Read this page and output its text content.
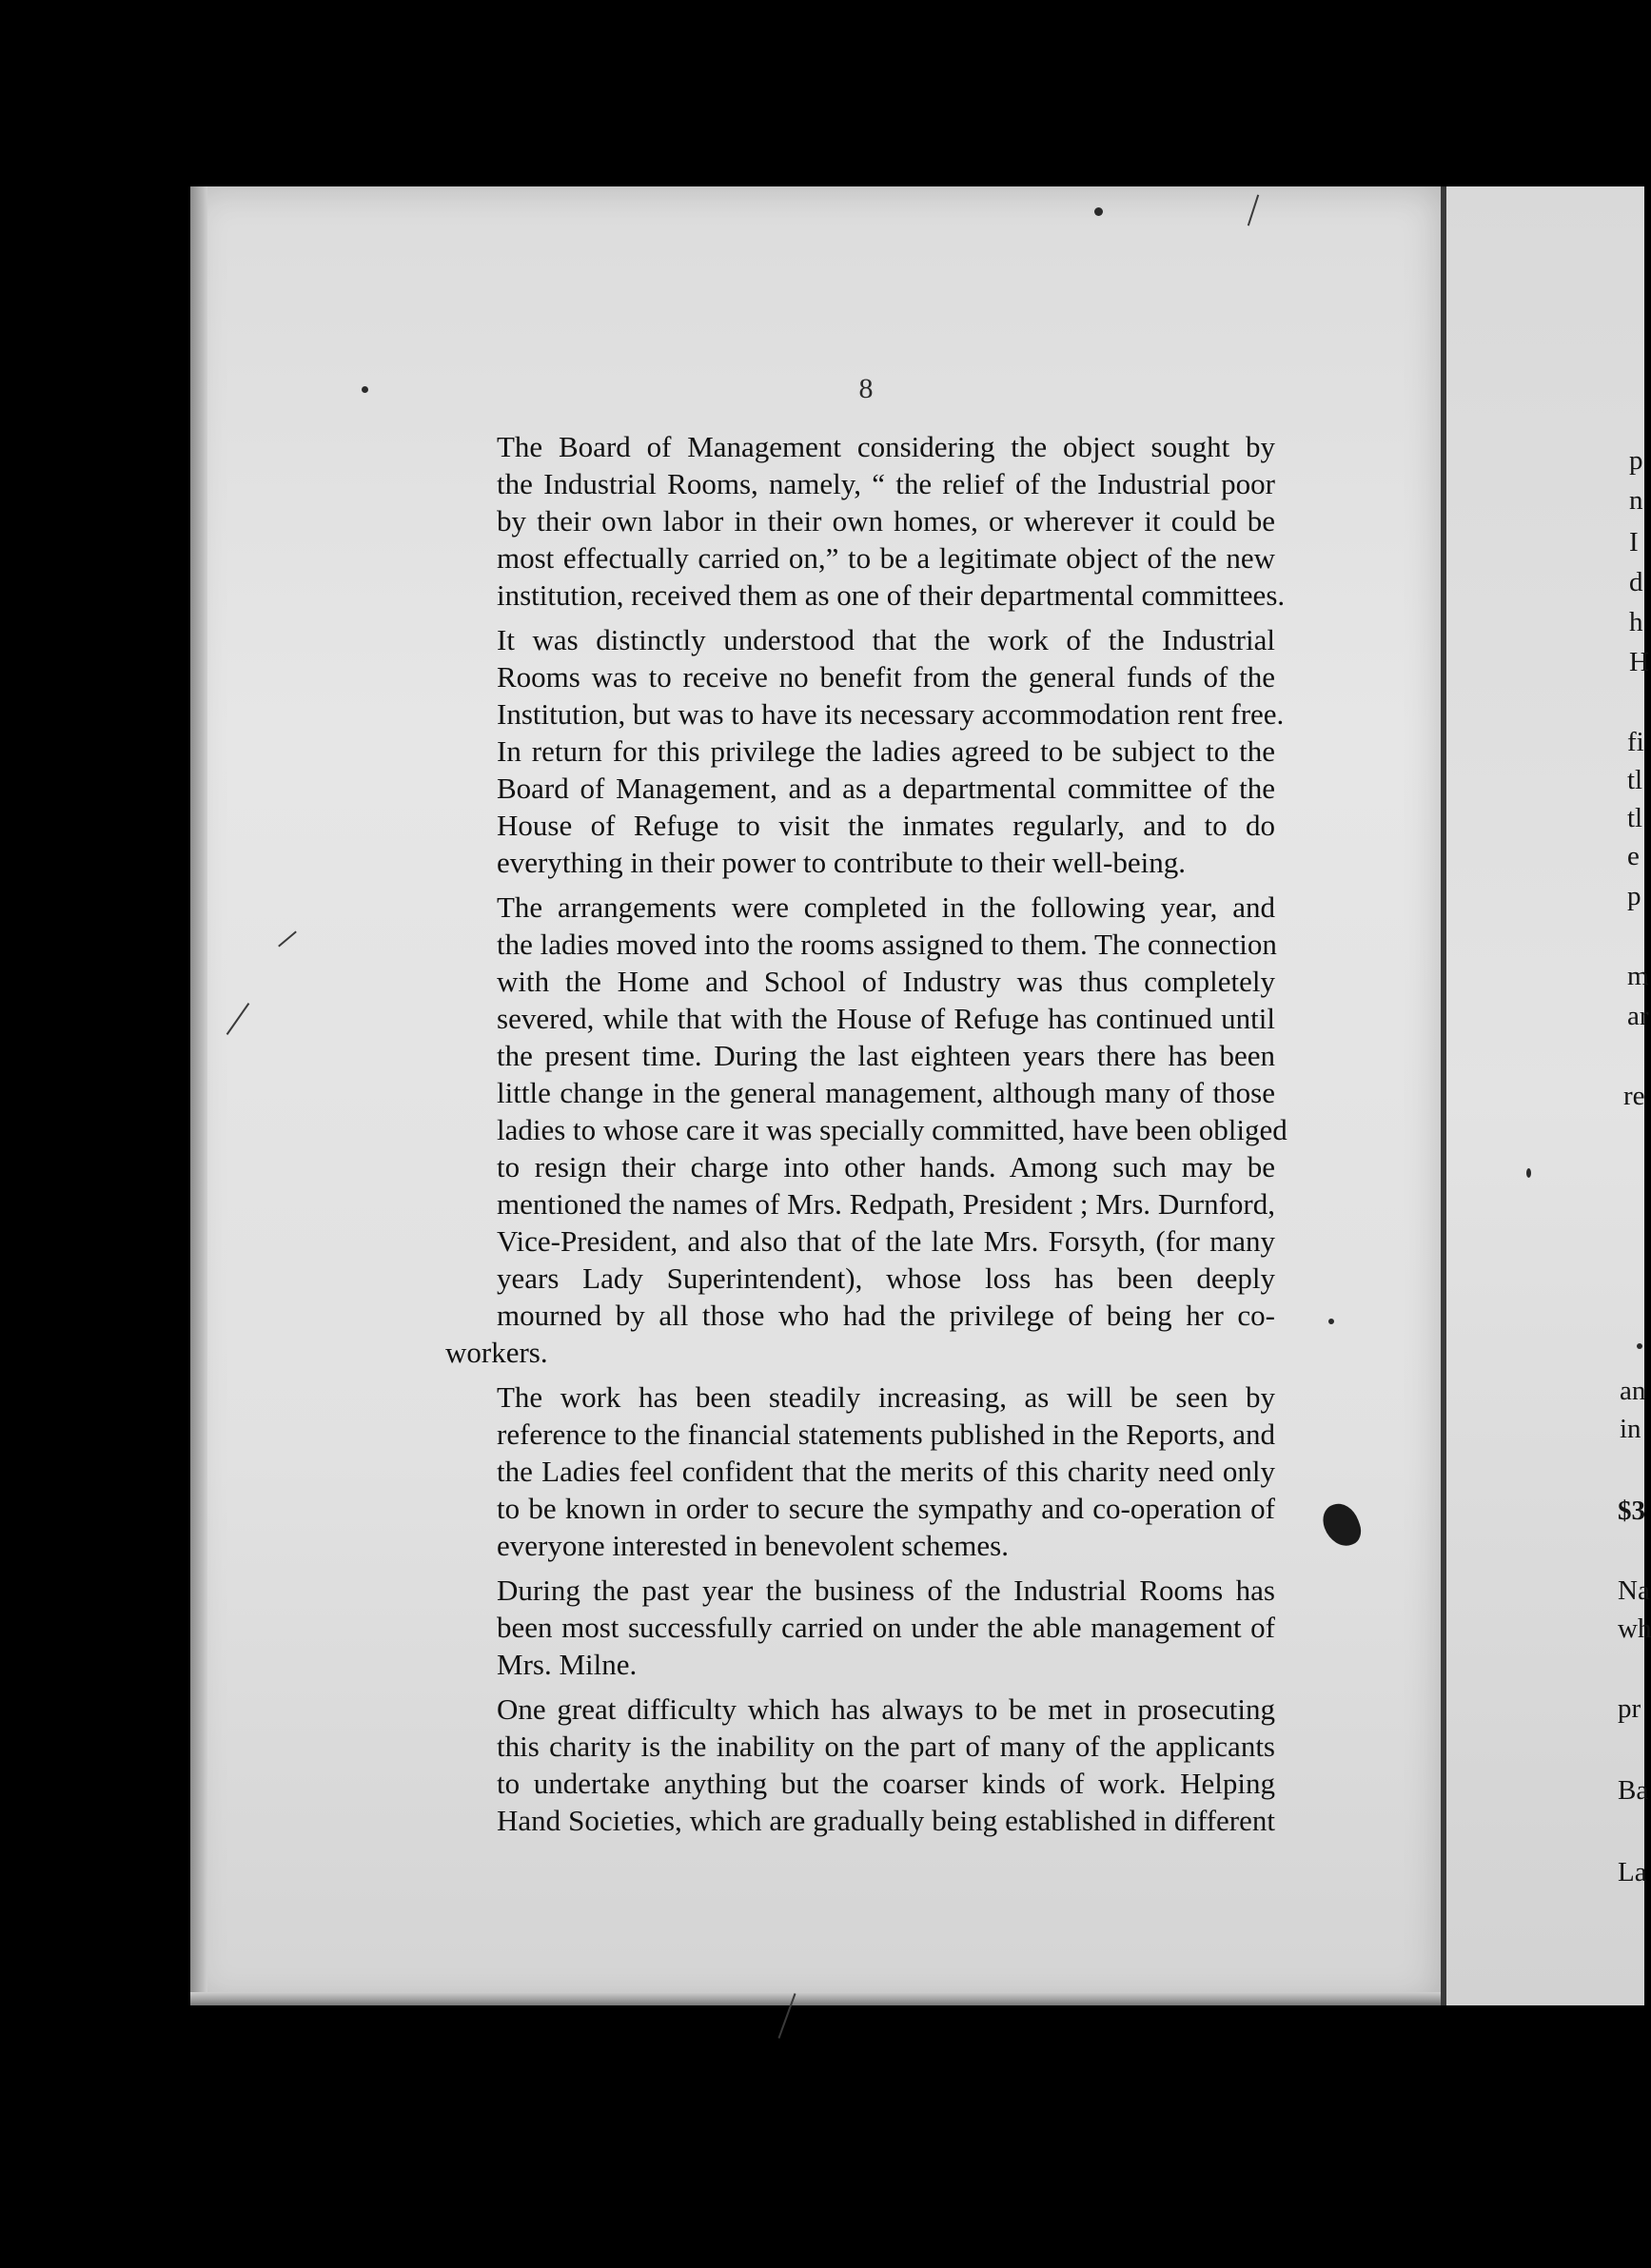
8

The Board of Management considering the object sought by
the Industrial Rooms, namely, “ the relief of the Industrial poor
by their own labor in their own homes, or wherever it could be
most effectually carried on,” to be a legitimate object of the new
institution, received them as one of their departmental committees.

It was distinctly understood that the work of the Industrial
Rooms was to receive no benefit from the general funds of the
Institution, but was to have its necessary accommodation rent free.
In return for this privilege the ladies agreed to be subject to the
Board of Management, and as a departmental committee of the
House of Refuge to visit the inmates regularly, and to do
everything in their power to contribute to their well-being.

The arrangements were completed in the following year, and
the ladies moved into the rooms assigned to them. The connection
with the Home and School of Industry was thus completely
severed, while that with the House of Refuge has continued until
the present time. During the last eighteen years there has been
little change in the general management, although many of those
ladies to whose care it was specially committed, have been obliged
to resign their charge into other hands. Among such may be
mentioned the names of Mrs. Redpath, President ; Mrs. Durnford,
Vice-President, and also that of the late Mrs. Forsyth, (for many
years Lady Superintendent), whose loss has been deeply
mourned by all those who had the privilege of being her co-
workers.

The work has been steadily increasing, as will be seen by
reference to the financial statements published in the Reports, and
the Ladies feel confident that the merits of this charity need only
to be known in order to secure the sympathy and co-operation of
everyone interested in benevolent schemes.

During the past year the business of the Industrial Rooms has
been most successfully carried on under the able management of
Mrs. Milne.

One great difficulty which has always to be met in prosecuting
this charity is the inability on the part of many of the applicants
to undertake anything but the coarser kinds of work. Helping
Hand Societies, which are gradually being established in different

p
n
I
d
h
H
fi
tl
tl
e
p
m
ar
re
an
in
$3
Na
wh
pr
Ba
La
